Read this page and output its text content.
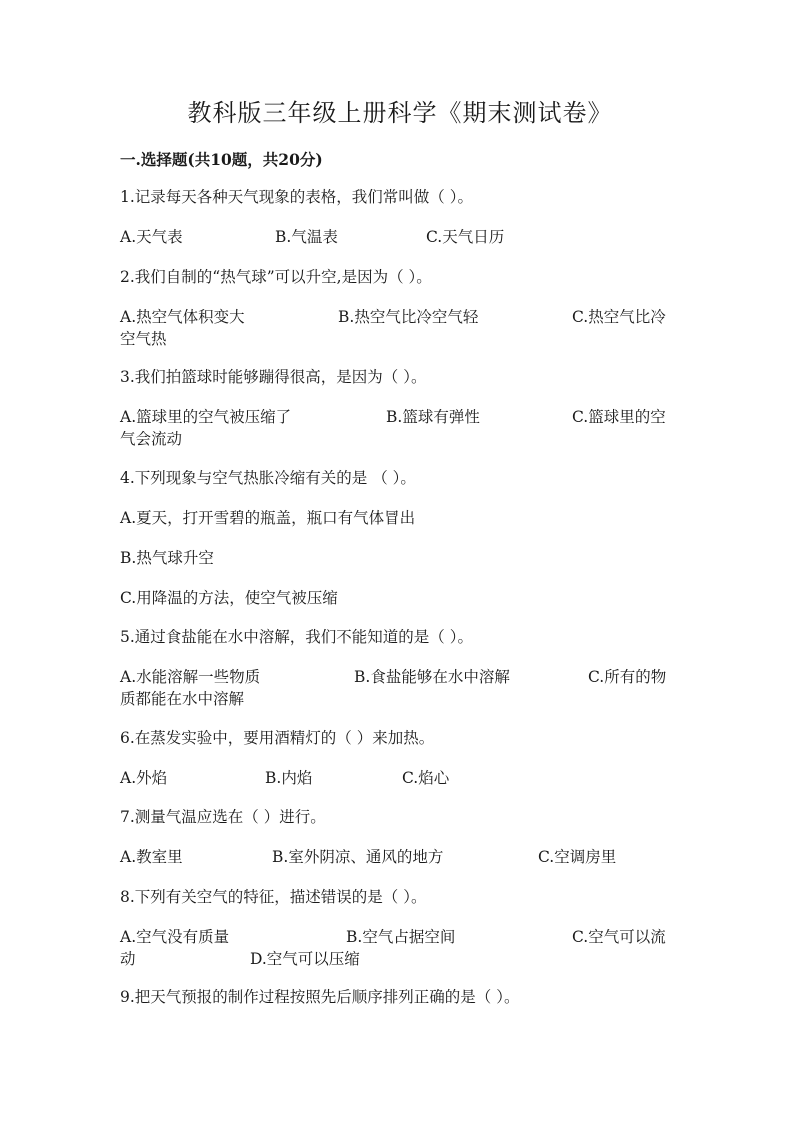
教科版三年级上册科学《期末测试卷》
一.选择题(共10题，共20分)
1.记录每天各种天气现象的表格，我们常叫做（ ）。
A.天气表	B.气温表	C.天气日历
2.我们自制的“热气球”可以升空,是因为（ ）。
A.热空气体积变大	B.热空气比冷空气轻	C.热空气比冷
空气热
3.我们拍篮球时能够蹦得很高，是因为（ ）。
A.篮球里的空气被压缩了	B.篮球有弹性	C.篮球里的空
气会流动
4.下列现象与空气热胀冷缩有关的是 （ ）。
A.夏天，打开雪碧的瓶盖，瓶口有气体冒出
B.热气球升空
C.用降温的方法，使空气被压缩
5.通过食盐能在水中溶解，我们不能知道的是（ ）。
A.水能溶解一些物质	B.食盐能够在水中溶解	C.所有的物
质都能在水中溶解
6.在蒸发实验中，要用酒精灯的（ ）来加热。
A.外焰	B.内焰	C.焰心
7.测量气温应选在（ ）进行。
A.教室里	B.室外阴凉、通风的地方	C.空调房里
8.下列有关空气的特征，描述错误的是（ ）。
A.空气没有质量	B.空气占据空间	C.空气可以流
动	D.空气可以压缩
9.把天气预报的制作过程按照先后顺序排列正确的是（ ）。
